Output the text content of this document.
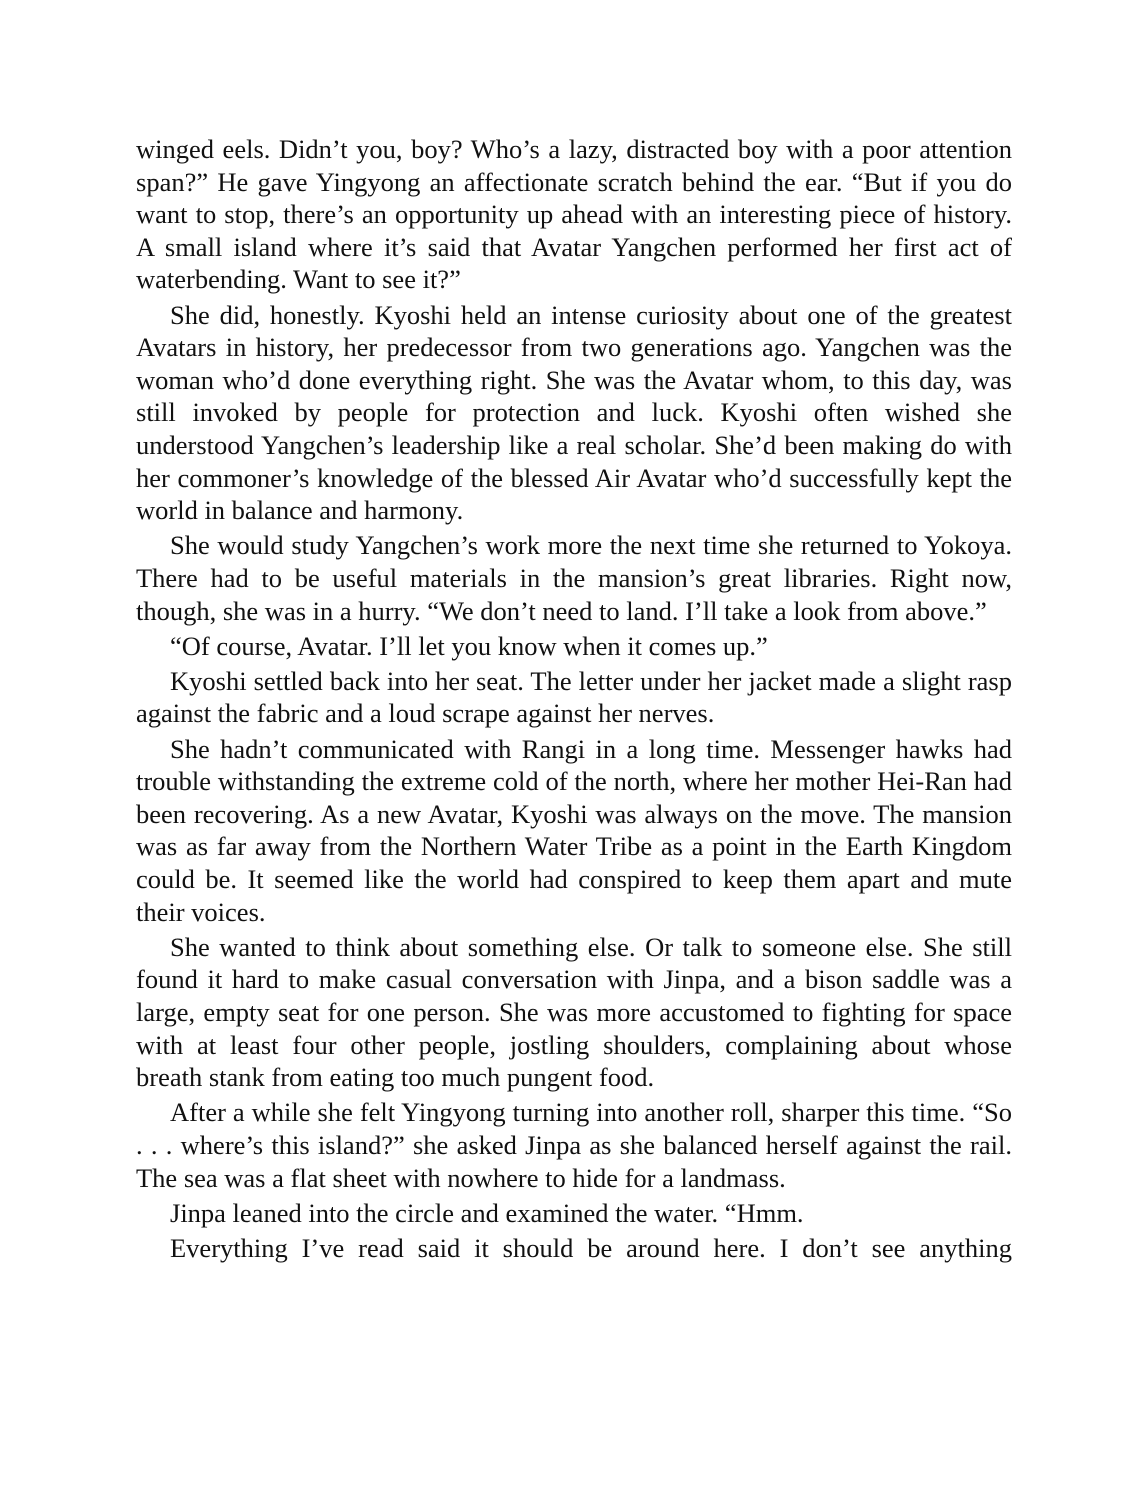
winged eels. Didn’t you, boy? Who’s a lazy, distracted boy with a poor attention span?” He gave Yingyong an affectionate scratch behind the ear. “But if you do want to stop, there’s an opportunity up ahead with an interesting piece of history. A small island where it’s said that Avatar Yangchen performed her first act of waterbending. Want to see it?”

She did, honestly. Kyoshi held an intense curiosity about one of the greatest Avatars in history, her predecessor from two generations ago. Yangchen was the woman who’d done everything right. She was the Avatar whom, to this day, was still invoked by people for protection and luck. Kyoshi often wished she understood Yangchen’s leadership like a real scholar. She’d been making do with her commoner’s knowledge of the blessed Air Avatar who’d successfully kept the world in balance and harmony.

She would study Yangchen’s work more the next time she returned to Yokoya. There had to be useful materials in the mansion’s great libraries. Right now, though, she was in a hurry. “We don’t need to land. I’ll take a look from above.”

“Of course, Avatar. I’ll let you know when it comes up.”

Kyoshi settled back into her seat. The letter under her jacket made a slight rasp against the fabric and a loud scrape against her nerves.

She hadn’t communicated with Rangi in a long time. Messenger hawks had trouble withstanding the extreme cold of the north, where her mother Hei-Ran had been recovering. As a new Avatar, Kyoshi was always on the move. The mansion was as far away from the Northern Water Tribe as a point in the Earth Kingdom could be. It seemed like the world had conspired to keep them apart and mute their voices.

She wanted to think about something else. Or talk to someone else. She still found it hard to make casual conversation with Jinpa, and a bison saddle was a large, empty seat for one person. She was more accustomed to fighting for space with at least four other people, jostling shoulders, complaining about whose breath stank from eating too much pungent food.

After a while she felt Yingyong turning into another roll, sharper this time. “So . . . where’s this island?” she asked Jinpa as she balanced herself against the rail. The sea was a flat sheet with nowhere to hide for a landmass.

Jinpa leaned into the circle and examined the water. “Hmm.

Everything I’ve read said it should be around here. I don’t see anything
